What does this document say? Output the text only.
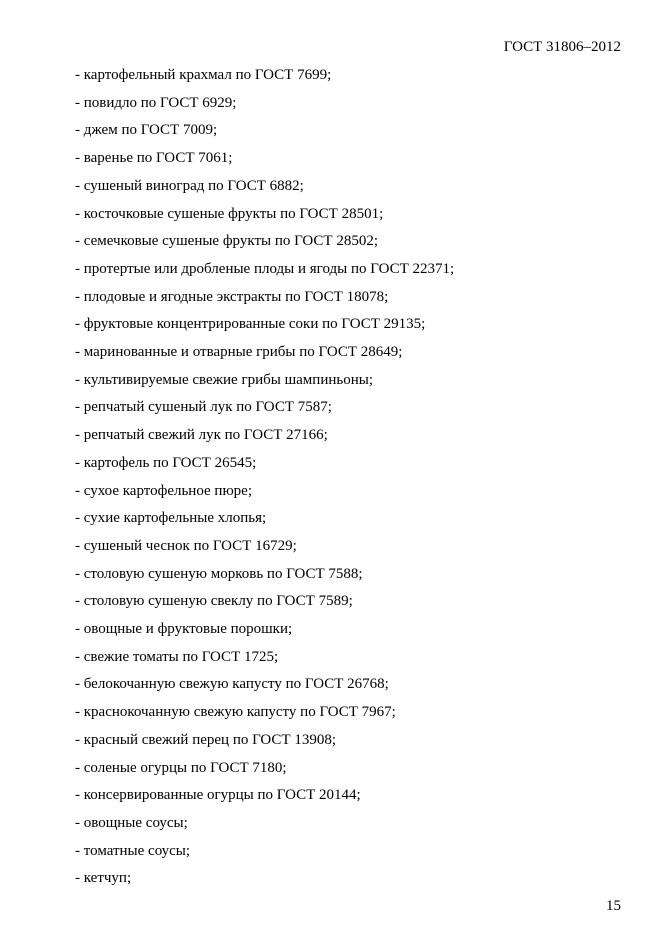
ГОСТ 31806–2012
- картофельный крахмал по ГОСТ 7699;
- повидло по ГОСТ 6929;
- джем по ГОСТ 7009;
- варенье по ГОСТ 7061;
- сушеный виноград по ГОСТ 6882;
- косточковые сушеные фрукты по ГОСТ 28501;
- семечковые сушеные фрукты по ГОСТ 28502;
- протертые или дробленые плоды и ягоды по ГОСТ 22371;
- плодовые и ягодные экстракты по ГОСТ 18078;
- фруктовые концентрированные соки по ГОСТ 29135;
- маринованные и отварные грибы по ГОСТ 28649;
- культивируемые свежие грибы шампиньоны;
- репчатый сушеный лук по ГОСТ 7587;
- репчатый свежий лук по ГОСТ 27166;
- картофель по ГОСТ 26545;
- сухое картофельное пюре;
- сухие картофельные хлопья;
- сушеный чеснок по ГОСТ 16729;
- столовую сушеную морковь по ГОСТ 7588;
- столовую сушеную свеклу по ГОСТ 7589;
- овощные и фруктовые порошки;
- свежие томаты по ГОСТ 1725;
- белокочанную свежую капусту по ГОСТ 26768;
- краснокочанную свежую капусту по ГОСТ 7967;
- красный свежий перец по ГОСТ 13908;
- соленые огурцы по ГОСТ 7180;
- консервированные огурцы по ГОСТ 20144;
- овощные соусы;
- томатные соусы;
- кетчуп;
15
